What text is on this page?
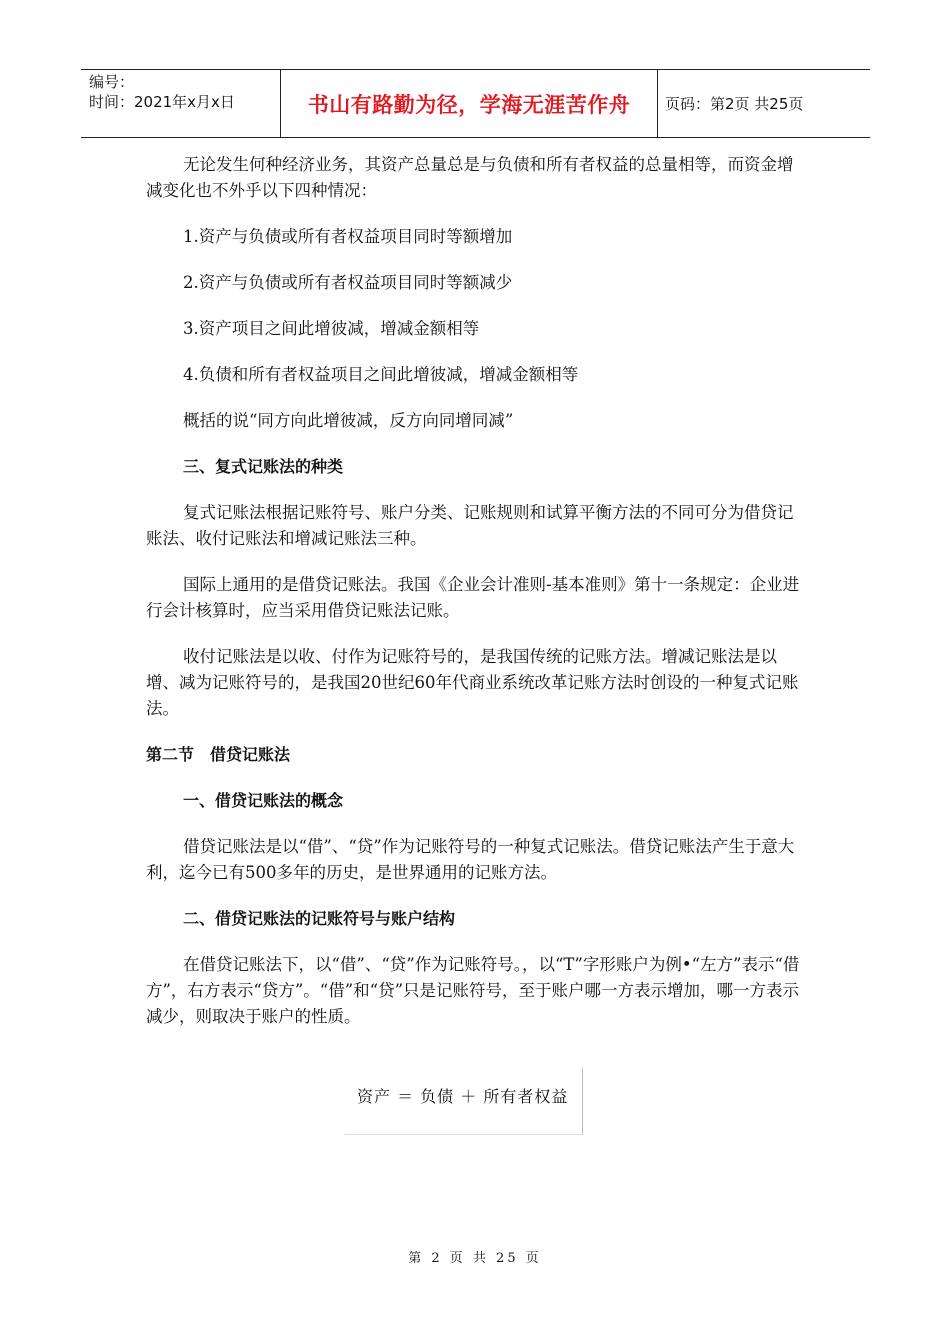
编号：
时间：2021年x月x日	书山有路勤为径，学海无涯苦作舟 页码：第2页 共25页

无论发生何种经济业务，其资产总量总是与负债和所有者权益的总量相等，而资金增减变化也不外乎以下四种情况：

1.资产与负债或所有者权益项目同时等额增加

2.资产与负债或所有者权益项目同时等额减少

3.资产项目之间此增彼减，增减金额相等

4.负债和所有者权益项目之间此增彼减，增减金额相等

概括的说“同方向此增彼减，反方向同增同减”

三、复式记账法的种类

复式记账法根据记账符号、账户分类、记账规则和试算平衡方法的不同可分为借贷记账法、收付记账法和增减记账法三种。

国际上通用的是借贷记账法。我国《企业会计准则-基本准则》第十一条规定：企业进行会计核算时，应当采用借贷记账法记账。

收付记账法是以收、付作为记账符号的，是我国传统的记账方法。增减记账法是以增、减为记账符号的，是我国20世纪60年代商业系统改革记账方法时创设的一种复式记账法。

第二节　借贷记账法

一、借贷记账法的概念

借贷记账法是以“借”、“贷”作为记账符号的一种复式记账法。借贷记账法产生于意大利，迄今已有500多年的历史，是世界通用的记账方法。

二、借贷记账法的记账符号与账户结构

在借贷记账法下，以“借”、“贷”作为记账符号。，以“T”字形账户为例•“左方”表示“借方”，右方表示“贷方”。“借”和“贷”只是记账符号，至于账户哪一方表示增加，哪一方表示减少，则取决于账户的性质。

资产 ＝ 负债 ＋ 所有者权益
第 2 页 共 25 页
